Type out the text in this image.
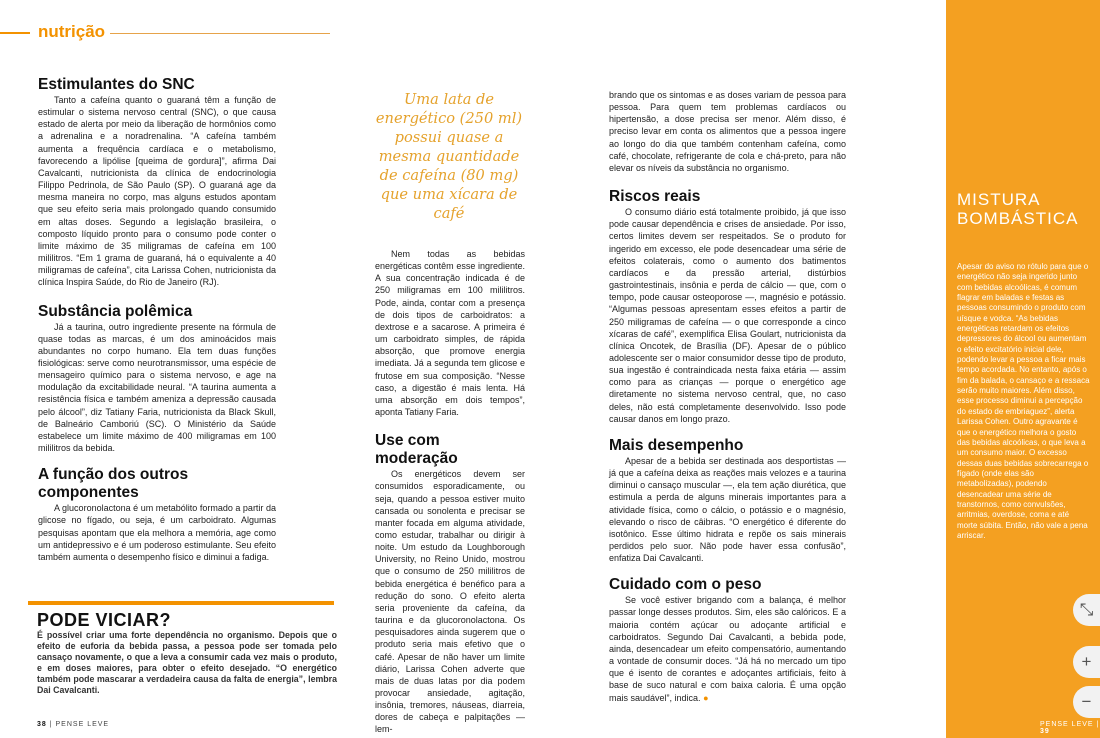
nutrição
Estimulantes do SNC

Tanto a cafeína quanto o guaraná têm a função de estimular o sistema nervoso central (SNC), o que causa estado de alerta por meio da liberação de hormônios como a adrenalina e a noradrenalina. “A cafeína também aumenta a frequência cardíaca e o metabolismo, favorecendo a lipólise [queima de gordura]”, afirma Dai Cavalcanti, nutricionista da clínica de endocrinologia Filippo Pedrinola, de São Paulo (SP). O guaraná age da mesma maneira no corpo, mas alguns estudos apontam que seu efeito seria mais prolongado quando consumido em altas doses. Segundo a legislação brasileira, o composto líquido pronto para o consumo pode conter o limite máximo de 35 miligramas de cafeína em 100 mililitros. “Em 1 grama de guaraná, há o equivalente a 40 miligramas de cafeína”, cita Larissa Cohen, nutricionista da clínica Inspira Saúde, do Rio de Janeiro (RJ).

Substância polêmica

Já a taurina, outro ingrediente presente na fórmula de quase todas as marcas, é um dos aminoácidos mais abundantes no corpo humano. Ela tem duas funções fisiológicas: serve como neurotransmissor, uma espécie de mensageiro químico para o sistema nervoso, e age na modulação da excitabilidade neural. “A taurina aumenta a resistência física e também ameniza a depressão causada pelo álcool”, diz Tatiany Faria, nutricionista da Black Skull, de Balneário Camboriú (SC). O Ministério da Saúde estabelece um limite máximo de 400 miligramas em 100 mililitros da bebida.

A função dos outros componentes

A glucoronolactona é um metabólito formado a partir da glicose no fígado, ou seja, é um carboidrato. Algumas pesquisas apontam que ela melhora a memória, age como um antidepressivo e é um poderoso estimulante. Seu efeito também aumenta o desempenho físico e diminui a fadiga.

Uma lata de energético (250 ml) possui quase a mesma quantidade de cafeína (80 mg) que uma xícara de café

Nem todas as bebidas energéticas contêm esse ingrediente. A sua concentração indicada é de 250 miligramas em 100 mililitros. Pode, ainda, contar com a presença de dois tipos de carboidratos: a dextrose e a sacarose. A primeira é um carboidrato simples, de rápida absorção, que promove energia imediata. Já a segunda tem glicose e frutose em sua composição. “Nesse caso, a digestão é mais lenta. Há uma absorção em dois tempos”, aponta Tatiany Faria.

Use com moderação

Os energéticos devem ser consumidos esporadicamente, ou seja, quando a pessoa estiver muito cansada ou sonolenta e precisar se manter focada em alguma atividade, como estudar, trabalhar ou dirigir à noite. Um estudo da Loughborough University, no Reino Unido, mostrou que o consumo de 250 mililitros de bebida energética é benéfico para a redução do sono. O efeito alerta seria proveniente da cafeína, da taurina e da glucoronolactona. Os pesquisadores ainda sugerem que o produto seria mais efetivo que o café. Apesar de não haver um limite diário, Larissa Cohen adverte que mais de duas latas por dia podem provocar ansiedade, agitação, insônia, tremores, náuseas, diarreia, dores de cabeça e palpitações — lem-

brando que os sintomas e as doses variam de pessoa para pessoa. Para quem tem problemas cardíacos ou hipertensão, a dose precisa ser menor. Além disso, é preciso levar em conta os alimentos que a pessoa ingere ao longo do dia que também contenham cafeína, como café, chocolate, refrigerante de cola e chá-preto, para não elevar os níveis da substância no organismo.

Riscos reais

O consumo diário está totalmente proibido, já que isso pode causar dependência e crises de ansiedade. Por isso, certos limites devem ser respeitados. Se o produto for ingerido em excesso, ele pode desencadear uma série de efeitos colaterais, como o aumento dos batimentos cardíacos e da pressão arterial, distúrbios gastrointestinais, insônia e perda de cálcio — que, com o tempo, pode causar osteoporose —, magnésio e potássio. “Algumas pessoas apresentam esses efeitos a partir de 250 miligramas de cafeína — o que corresponde a cinco xícaras de café”, exemplifica Elisa Goulart, nutricionista da clínica Oncotek, de Brasília (DF). Apesar de o público adolescente ser o maior consumidor desse tipo de produto, sua ingestão é contraindicada nesta faixa etária — assim como para as crianças — porque o energético age diretamente no sistema nervoso central, que, no caso deles, não está completamente desenvolvido. Isso pode causar danos em longo prazo.

Mais desempenho

Apesar de a bebida ser destinada aos desportistas — já que a cafeína deixa as reações mais velozes e a taurina diminui o cansaço muscular —, ela tem ação diurética, que estimula a perda de alguns minerais importantes para a atividade física, como o cálcio, o potássio e o magnésio, elevando o risco de câibras. “O energético é diferente do isotônico. Esse último hidrata e repõe os sais minerais perdidos pelo suor. Não pode haver essa confusão”, enfatiza Dai Cavalcanti.

Cuidado com o peso

Se você estiver brigando com a balança, é melhor passar longe desses produtos. Sim, eles são calóricos. E a maioria contém açúcar ou adoçante artificial e carboidratos. Segundo Dai Cavalcanti, a bebida pode, ainda, desencadear um efeito compensatório, aumentando a vontade de consumir doces. “Já há no mercado um tipo que é isento de corantes e adoçantes artificiais, feito à base de suco natural e com baixa caloria. É uma opção mais saudável”, indica. ●

PODE VICIAR?

É possível criar uma forte dependência no organismo. Depois que o efeito de euforia da bebida passa, a pessoa pode ser tomada pelo cansaço novamente, o que a leva a consumir cada vez mais o produto, e em doses maiores, para obter o efeito desejado. “O energético também pode mascarar a verdadeira causa da falta de energia”, lembra Dai Cavalcanti.

MISTURA BOMBÁSTICA

Apesar do aviso no rótulo para que o energético não seja ingerido junto com bebidas alcoólicas, é comum flagrar em baladas e festas as pessoas consumindo o produto com uísque e vodca. “As bebidas energéticas retardam os efeitos depressores do álcool ou aumentam o efeito excitatório inicial dele, podendo levar a pessoa a ficar mais tempo acordada. No entanto, após o fim da balada, o cansaço e a ressaca serão muito maiores. Além disso, esse processo diminui a percepção do estado de embriaguez”, alerta Larissa Cohen. Outro agravante é que o energético melhora o gosto das bebidas alcoólicas, o que leva a um consumo maior. O excesso dessas duas bebidas sobrecarrega o fígado (onde elas são metabolizadas), podendo desencadear uma série de transtornos, como convulsões, arritmias, overdose, coma e até morte súbita. Então, não vale a pena arriscar.

38 | PENSE LEVE	PENSE LEVE | 39
⤡
+
−
